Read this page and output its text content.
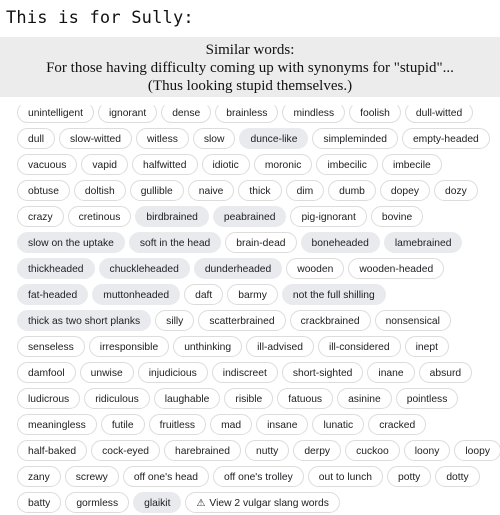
This is for Sully:
Similar words:
For those having difficulty coming up with synonyms for "stupid"...
(Thus looking stupid themselves.)
unintelligent	ignorant	dense	brainless	mindless	foolish	dull-witted
dull	slow-witted	witless	slow	dunce-like	simpleminded	empty-headed
vacuous	vapid	halfwitted	idiotic	moronic	imbecilic	imbecile
obtuse	doltish	gullible	naive	thick	dim	dumb	dopey	dozy
crazy	cretinous	birdbrained	peabrained	pig-ignorant	bovine
slow on the uptake	soft in the head	brain-dead	boneheaded	lamebrained
thickheaded	chuckleheaded	dunderheaded	wooden	wooden-headed
fat-headed	muttonheaded	daft	barmy	not the full shilling
thick as two short planks	silly	scatterbrained	crackbrained	nonsensical
senseless	irresponsible	unthinking	ill-advised	ill-considered	inept
damfool	unwise	injudicious	indiscreet	short-sighted	inane	absurd
ludicrous	ridiculous	laughable	risible	fatuous	asinine	pointless
meaningless	futile	fruitless	mad	insane	lunatic	cracked
half-baked	cock-eyed	harebrained	nutty	derpy	cuckoo	loony	loopy
zany	screwy	off one's head	off one's trolley	out to lunch	potty	dotty
batty	gormless	glaikit	⚠ View 2 vulgar slang words
